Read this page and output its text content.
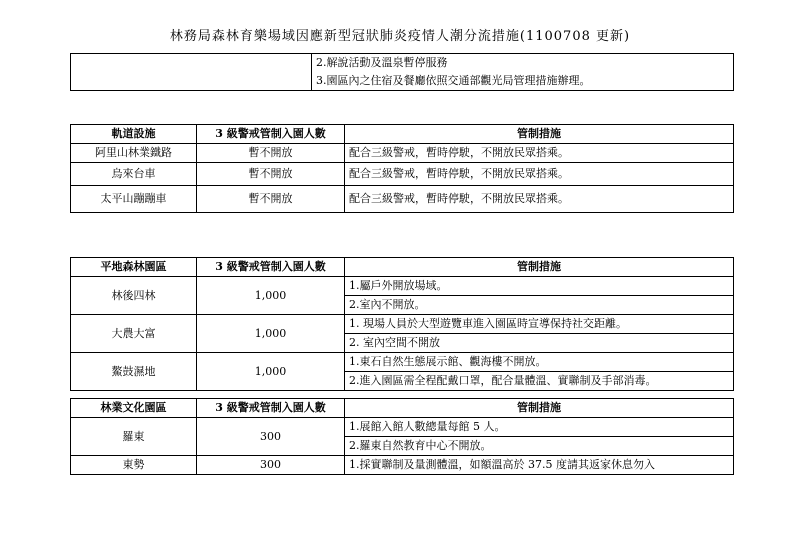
林務局森林育樂場域因應新型冠狀肺炎疫情人潮分流措施(1100708 更新)

2.解說活動及溫泉暫停服務
3.園區內之住宿及餐廳依照交通部觀光局管理措施辦理。
軌道設施	3 級警戒管制入園人數	管制措施
阿里山林業鐵路	暫不開放	配合三級警戒，暫時停駛，不開放民眾搭乘。
烏來台車	暫不開放	配合三級警戒，暫時停駛，不開放民眾搭乘。
太平山蹦蹦車	暫不開放	配合三級警戒，暫時停駛，不開放民眾搭乘。
平地森林園區	3 級警戒管制入園人數	管制措施
林後四林	1,000	1.屬戶外開放場域。
2.室內不開放。

大農大富	1,000	1. 現場人員於大型遊覽車進入園區時宣導保持社交距離。
2. 室內空間不開放

鰲鼓濕地	1,000	1.東石自然生態展示館、觀海樓不開放。
2.進入園區需全程配戴口罩，配合量體溫、實聯制及手部消毒。
林業文化園區	3 級警戒管制入園人數	管制措施
羅東	300	1.展館入館人數總量每館 5 人。
2.羅東自然教育中心不開放。

東勢	300	1.採實聯制及量測體溫，如額溫高於 37.5 度請其返家休息勿入
